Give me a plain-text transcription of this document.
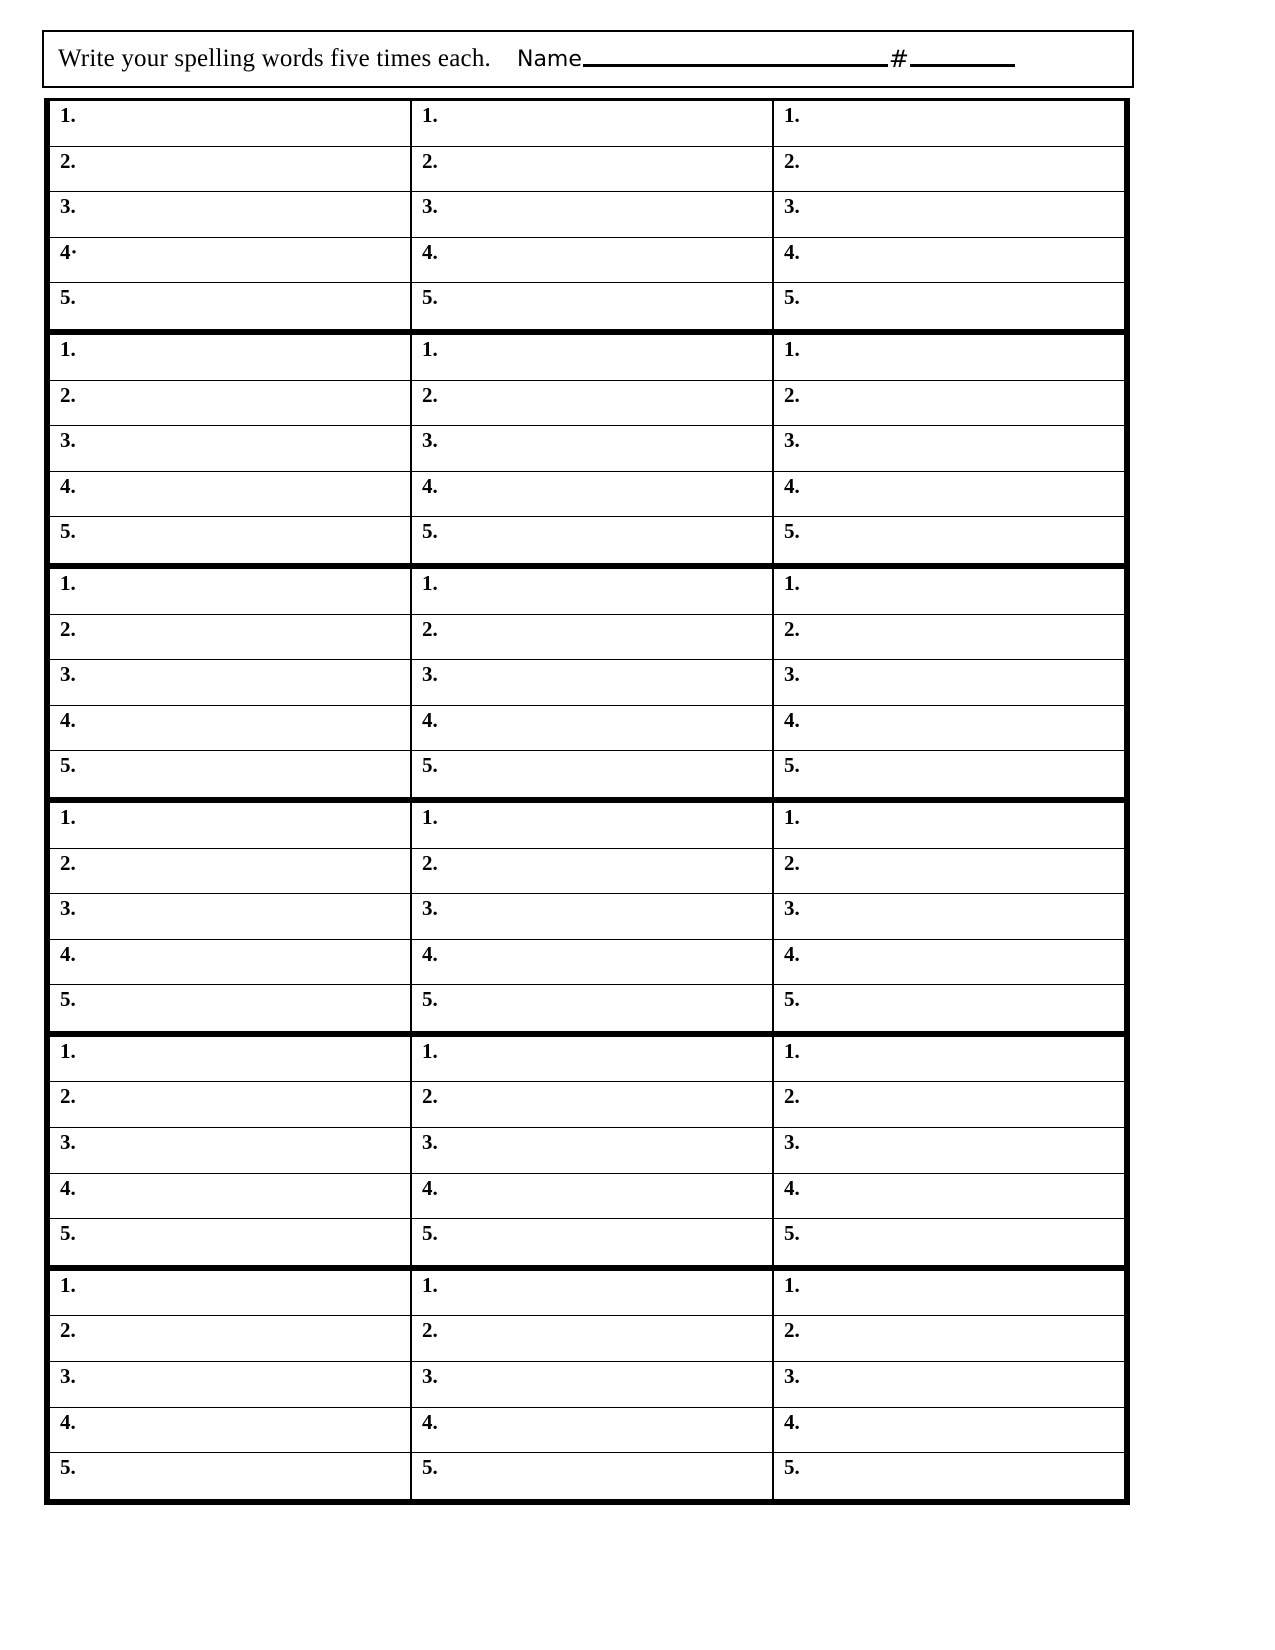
Write your spelling words five times each. Name	#
1.
2.
3.
4·
5.
1.
2.
3.
4.
5.
1.
2.
3.
4.
5.
1.
2.
3.
4.
5.
1.
2.
3.
4.
5.
1.
2.
3.
4.
5.
1.
2.
3.
4.
5.
1.
2.
3.
4.
5.
1.
2.
3.
4.
5.
1.
2.
3.
4.
5.
1.
2.
3.
4.
5.
1.
2.
3.
4.
5.
1.
2.
3.
4.
5.
1.
2.
3.
4.
5.
1.
2.
3.
4.
5.
1.
2.
3.
4.
5.
1.
2.
3.
4.
5.
1.
2.
3.
4.
5.
